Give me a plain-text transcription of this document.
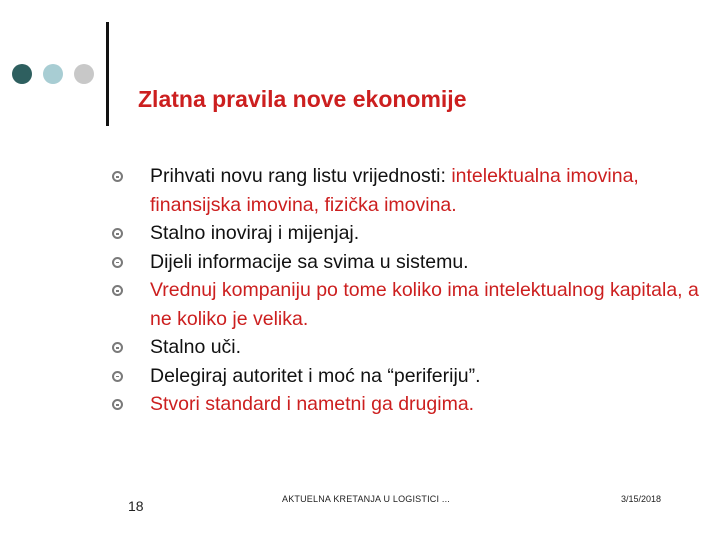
Zlatna pravila nove ekonomije
Prihvati novu rang listu vrijednosti: intelektualna imovina, finansijska imovina, fizička imovina.
Stalno inoviraj i mijenjaj.
Dijeli informacije sa svima u sistemu.
Vrednuj kompaniju po tome koliko ima intelektualnog kapitala, a ne koliko je velika.
Stalno uči.
Delegiraj autoritet i moć na “periferiju”.
Stvori standard i nametni ga drugima.
18	AKTUELNA KRETANJA U LOGISTICI ...	3/15/2018
